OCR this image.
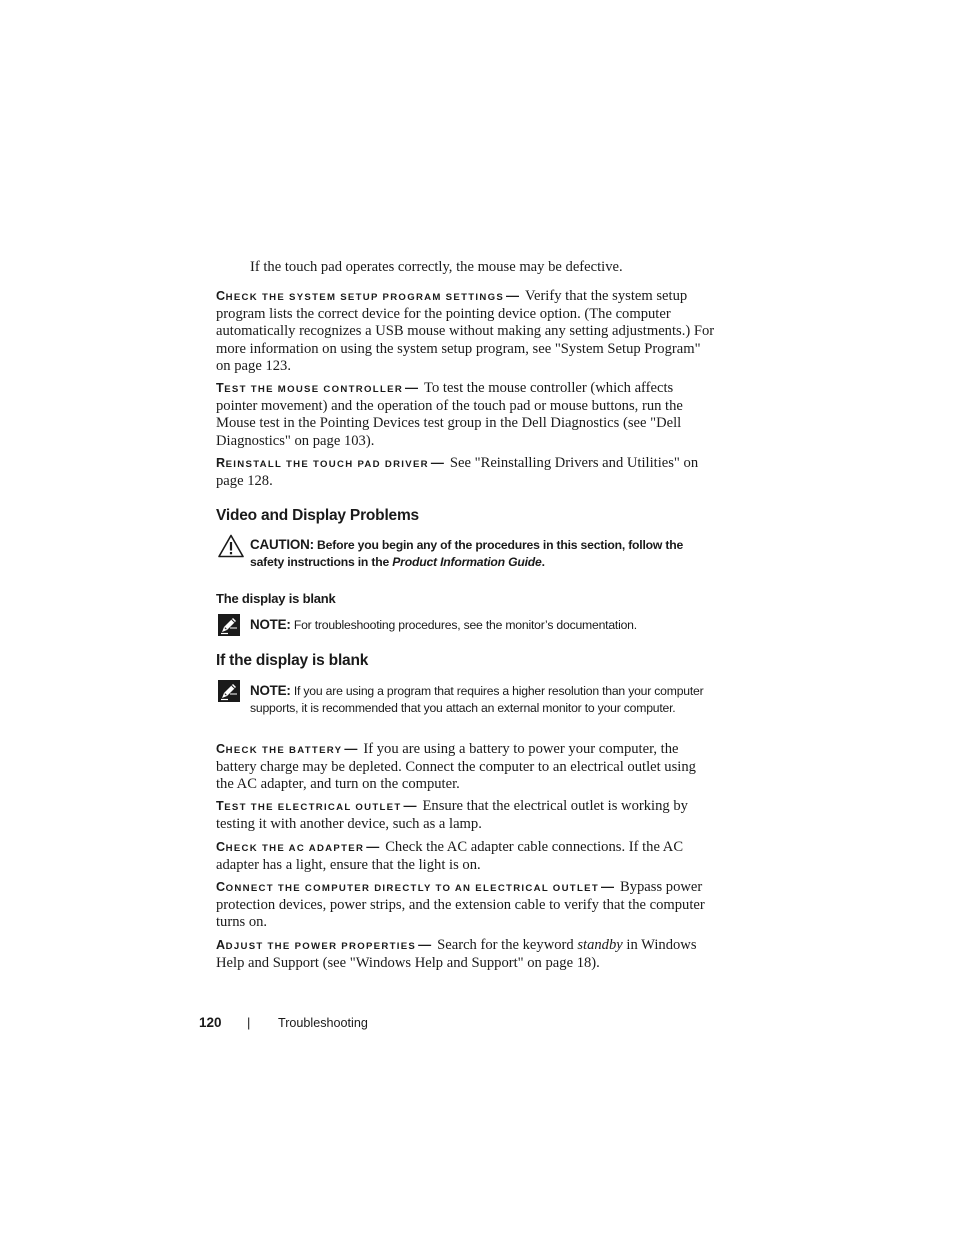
If the touch pad operates correctly, the mouse may be defective.
CHECK THE SYSTEM SETUP PROGRAM SETTINGS — Verify that the system setup program lists the correct device for the pointing device option. (The computer automatically recognizes a USB mouse without making any setting adjustments.) For more information on using the system setup program, see "System Setup Program" on page 123.
TEST THE MOUSE CONTROLLER — To test the mouse controller (which affects pointer movement) and the operation of the touch pad or mouse buttons, run the Mouse test in the Pointing Devices test group in the Dell Diagnostics (see "Dell Diagnostics" on page 103).
REINSTALL THE TOUCH PAD DRIVER — See "Reinstalling Drivers and Utilities" on page 128.
Video and Display Problems
CAUTION: Before you begin any of the procedures in this section, follow the safety instructions in the Product Information Guide.
The display is blank
NOTE: For troubleshooting procedures, see the monitor’s documentation.
If the display is blank
NOTE: If you are using a program that requires a higher resolution than your computer supports, it is recommended that you attach an external monitor to your computer.
CHECK THE BATTERY — If you are using a battery to power your computer, the battery charge may be depleted. Connect the computer to an electrical outlet using the AC adapter, and turn on the computer.
TEST THE ELECTRICAL OUTLET — Ensure that the electrical outlet is working by testing it with another device, such as a lamp.
CHECK THE AC ADAPTER — Check the AC adapter cable connections. If the AC adapter has a light, ensure that the light is on.
CONNECT THE COMPUTER DIRECTLY TO AN ELECTRICAL OUTLET — Bypass power protection devices, power strips, and the extension cable to verify that the computer turns on.
ADJUST THE POWER PROPERTIES — Search for the keyword standby in Windows Help and Support (see "Windows Help and Support" on page 18).
120 | Troubleshooting
